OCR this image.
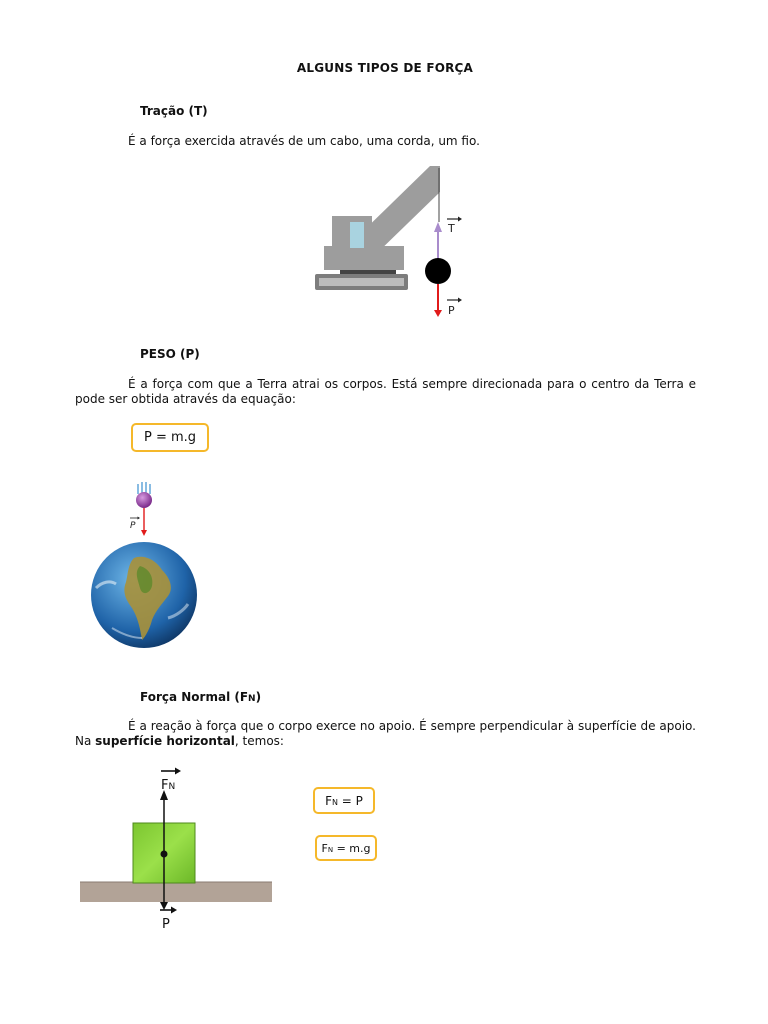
ALGUNS TIPOS DE FORÇA
Tração (T)
É a força exercida através de um cabo, uma corda, um fio.
T
P
PESO (P)
É a força com que a Terra atrai os corpos. Está sempre direcionada para o centro da Terra e pode ser obtida através da equação:
P = m.g
P
Força Normal (FN)
É a reação à força que o corpo exerce no apoio. É sempre perpendicular à superfície de apoio. Na superfície horizontal, temos:
FN
P
FN = P
FN = m.g
